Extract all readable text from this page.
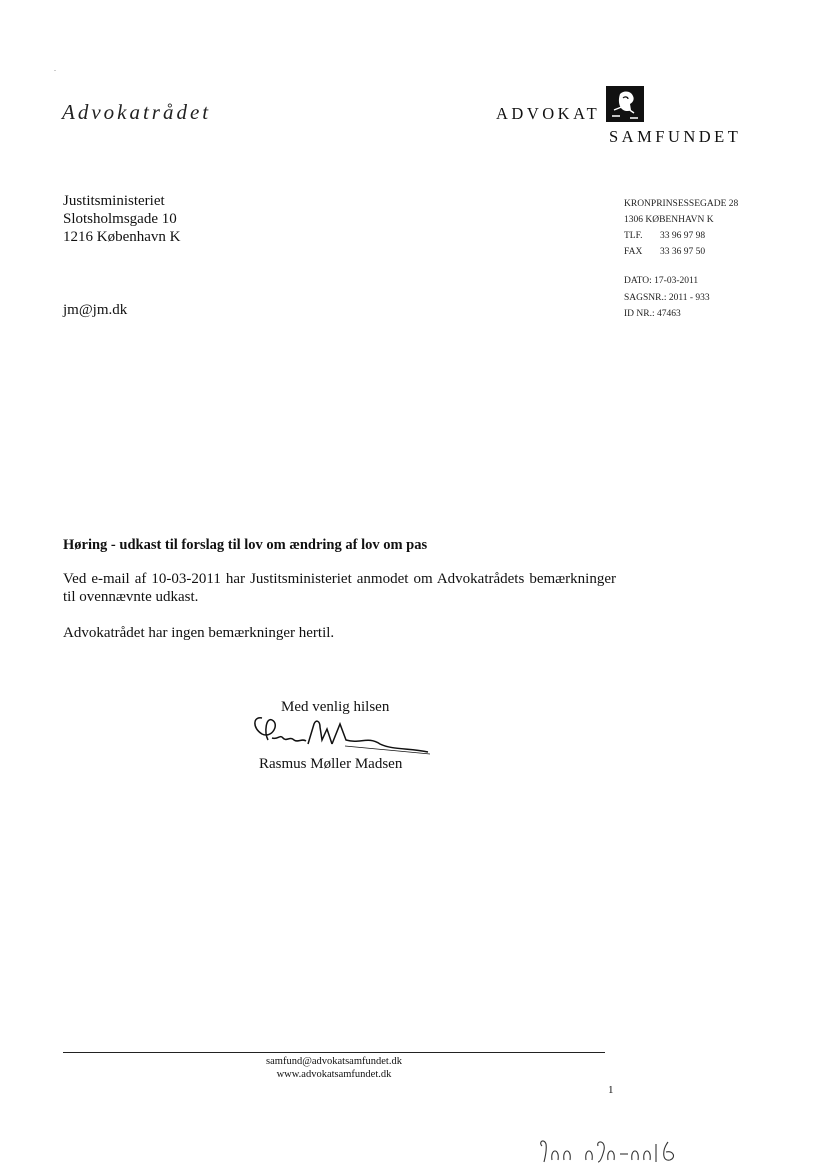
Advokatrådet	ADVOKAT
SAMFUNDET
Justitsministeriet
Slotsholmsgade 10
1216 København K
jm@jm.dk
KRONPRINSESSEGADE 28
1306 KØBENHAVN K
TLF. 33 96 97 98
FAX 33 36 97 50
DATO: 17-03-2011
SAGSNR.: 2011 - 933
ID NR.: 47463
Høring - udkast til forslag til lov om ændring af lov om pas
Ved e-mail af 10-03-2011 har Justitsministeriet anmodet om Advokatrådets bemærkninger til ovennævnte udkast.
Advokatrådet har ingen bemærkninger hertil.
Med venlig hilsen
Rasmus Møller Madsen
samfund@advokatsamfundet.dk
www.advokatsamfundet.dk
1
